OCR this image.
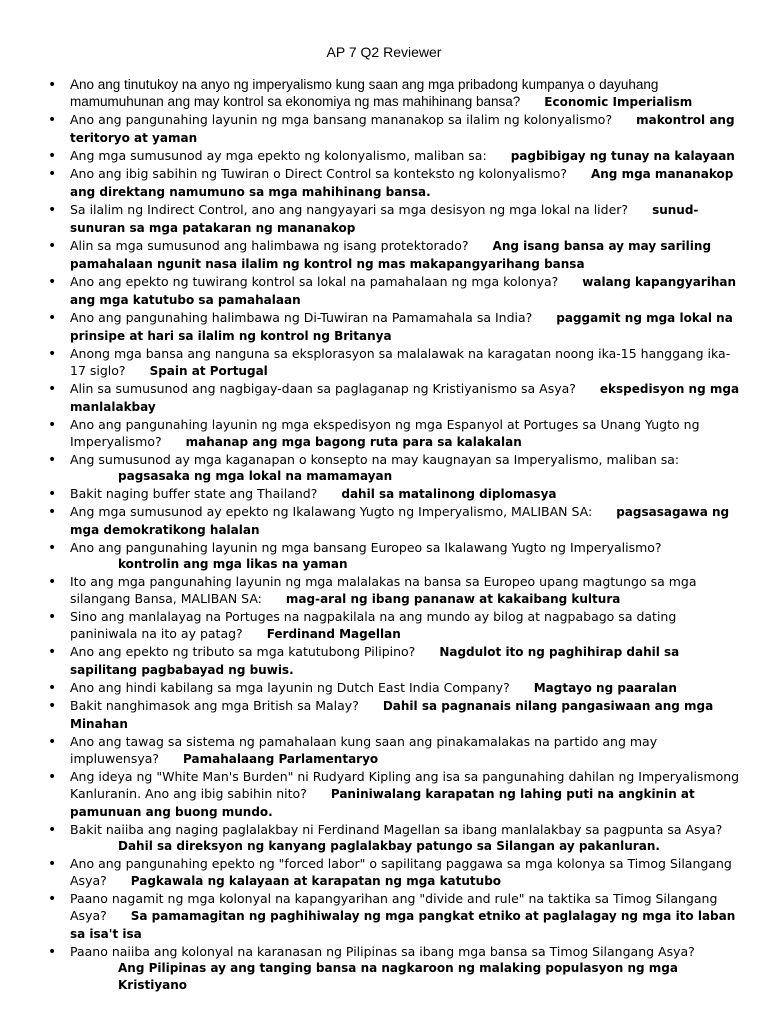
AP 7 Q2 Reviewer
• Ano ang tinutukoy na anyo ng imperyalismo kung saan ang mga pribadong kumpanya o dayuhang mamumuhunan ang may kontrol sa ekonomiya ng mas mahihinang bansa? Economic Imperialism
• Ano ang pangunahing layunin ng mga bansang mananakop sa ilalim ng kolonyalismo? makontrol ang teritoryo at yaman
• Ang mga sumusunod ay mga epekto ng kolonyalismo, maliban sa: pagbibigay ng tunay na kalayaan
• Ano ang ibig sabihin ng Tuwiran o Direct Control sa konteksto ng kolonyalismo? Ang mga mananakop ang direktang namumuno sa mga mahihinang bansa.
• Sa ilalim ng Indirect Control, ano ang nangyayari sa mga desisyon ng mga lokal na lider? sunud-sunuran sa mga patakaran ng mananakop
• Alin sa mga sumusunod ang halimbawa ng isang protektorado? Ang isang bansa ay may sariling pamahalaan ngunit nasa ilalim ng kontrol ng mas makapangyarihang bansa
• Ano ang epekto ng tuwirang kontrol sa lokal na pamahalaan ng mga kolonya? walang kapangyarihan ang mga katutubo sa pamahalaan
• Ano ang pangunahing halimbawa ng Di-Tuwiran na Pamamahala sa India? paggamit ng mga lokal na prinsipe at hari sa ilalim ng kontrol ng Britanya
• Anong mga bansa ang nanguna sa eksplorasyon sa malalawak na karagatan noong ika-15 hanggang ika-17 siglo? Spain at Portugal
• Alin sa sumusunod ang nagbigay-daan sa paglaganap ng Kristiyanismo sa Asya? ekspedisyon ng mga manlalakbay
• Ano ang pangunahing layunin ng mga ekspedisyon ng mga Espanyol at Portuges sa Unang Yugto ng Imperyalismo? mahanap ang mga bagong ruta para sa kalakalan
• Ang sumusunod ay mga kaganapan o konsepto na may kaugnayan sa Imperyalismo, maliban sa:
pagsasaka ng mga lokal na mamamayan
• Bakit naging buffer state ang Thailand? dahil sa matalinong diplomasya
• Ang mga sumusunod ay epekto ng Ikalawang Yugto ng Imperyalismo, MALIBAN SA: pagsasagawa ng mga demokratikong halalan
• Ano ang pangunahing layunin ng mga bansang Europeo sa Ikalawang Yugto ng Imperyalismo?
kontrolin ang mga likas na yaman
• Ito ang mga pangunahing layunin ng mga malalakas na bansa sa Europeo upang magtungo sa mga silangang Bansa, MALIBAN SA: mag-aral ng ibang pananaw at kakaibang kultura
• Sino ang manlalayag na Portuges na nagpakilala na ang mundo ay bilog at nagpabago sa dating paniniwala na ito ay patag? Ferdinand Magellan
• Ano ang epekto ng tributo sa mga katutubong Pilipino? Nagdulot ito ng paghihirap dahil sa sapilitang pagbabayad ng buwis.
• Ano ang hindi kabilang sa mga layunin ng Dutch East India Company? Magtayo ng paaralan
• Bakit nanghimasok ang mga British sa Malay? Dahil sa pagnanais nilang pangasiwaan ang mga Minahan
• Ano ang tawag sa sistema ng pamahalaan kung saan ang pinakamalakas na partido ang may impluwensya? Pamahalaang Parlamentaryo
• Ang ideya ng "White Man's Burden" ni Rudyard Kipling ang isa sa pangunahing dahilan ng Imperyalismong Kanluranin. Ano ang ibig sabihin nito? Paniniwalang karapatan ng lahing puti na angkinin at pamunuan ang buong mundo.
• Bakit naiiba ang naging paglalakbay ni Ferdinand Magellan sa ibang manlalakbay sa pagpunta sa Asya?
Dahil sa direksyon ng kanyang paglalakbay patungo sa Silangan ay pakanluran.
• Ano ang pangunahing epekto ng "forced labor" o sapilitang paggawa sa mga kolonya sa Timog Silangang Asya? Pagkawala ng kalayaan at karapatan ng mga katutubo
• Paano nagamit ng mga kolonyal na kapangyarihan ang "divide and rule" na taktika sa Timog Silangang Asya? Sa pamamagitan ng paghihiwalay ng mga pangkat etniko at paglalagay ng mga ito laban sa isa't isa
• Paano naiiba ang kolonyal na karanasan ng Pilipinas sa ibang mga bansa sa Timog Silangang Asya?
Ang Pilipinas ay ang tanging bansa na nagkaroon ng malaking populasyon ng mga Kristiyano
